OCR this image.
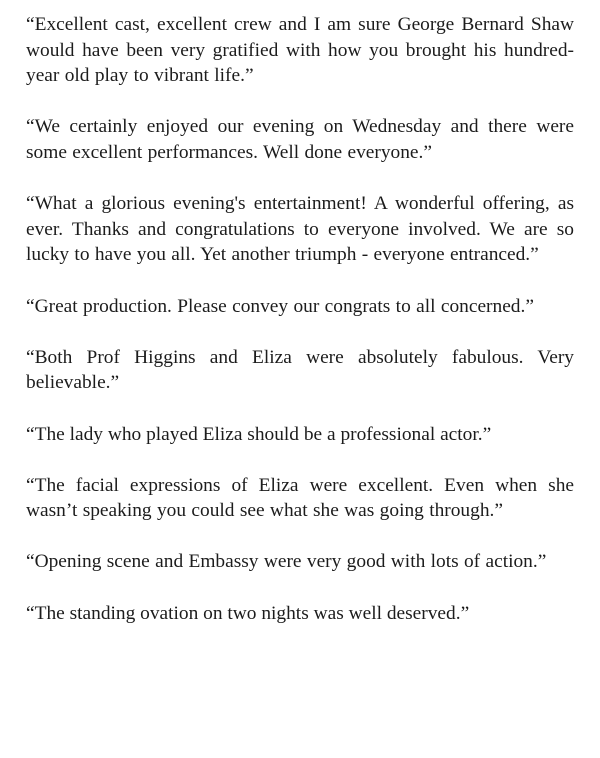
“Excellent cast, excellent crew and I am sure George Bernard Shaw would have been very gratified with how you brought his hundred-year old play to vibrant life.”

“We certainly enjoyed our evening on Wednesday and there were some excellent performances. Well done everyone.”

“What a glorious evening's entertainment! A wonderful offering, as ever. Thanks and congratulations to everyone involved. We are so lucky to have you all. Yet another triumph - everyone entranced.”

“Great production. Please convey our congrats to all concerned.”

“Both Prof Higgins and Eliza were absolutely fabulous. Very believable.”

“The lady who played Eliza should be a professional actor.”

“The facial expressions of Eliza were excellent. Even when she wasn’t speaking you could see what she was going through.”

“Opening scene and Embassy were very good with lots of action.”

“The standing ovation on two nights was well deserved.”
